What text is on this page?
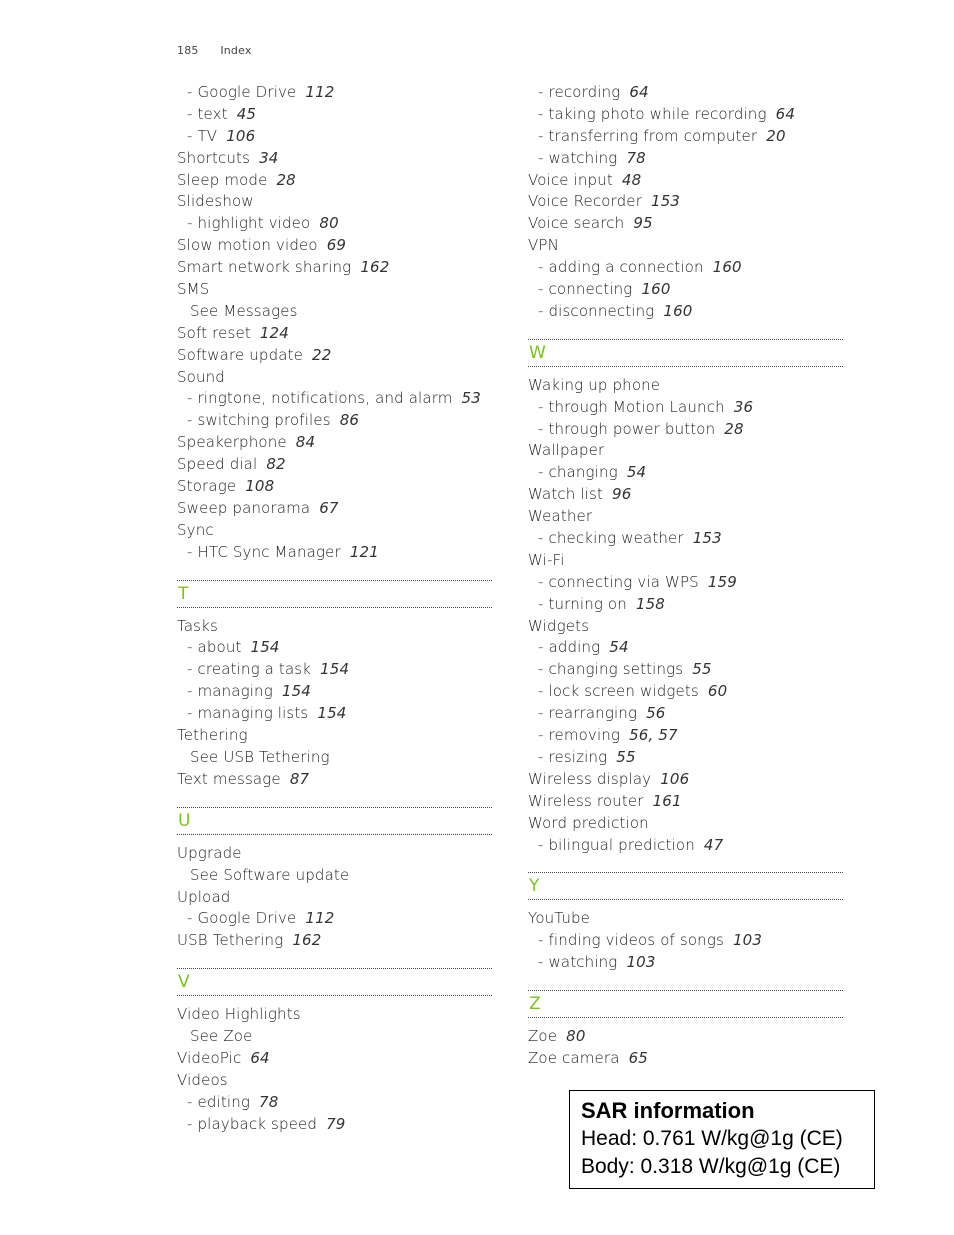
185 Index
- Google Drive 112
- text 45
- TV 106
Shortcuts 34
Sleep mode 28
Slideshow
- highlight video 80
Slow motion video 69
Smart network sharing 162
SMS
See Messages
Soft reset 124
Software update 22
Sound
- ringtone, notifications, and alarm 53
- switching profiles 86
Speakerphone 84
Speed dial 82
Storage 108
Sweep panorama 67
Sync
- HTC Sync Manager 121
T
Tasks
- about 154
- creating a task 154
- managing 154
- managing lists 154
Tethering
See USB Tethering
Text message 87
U
Upgrade
See Software update
Upload
- Google Drive 112
USB Tethering 162
V
Video Highlights
See Zoe
VideoPic 64
Videos
- editing 78
- playback speed 79
- recording 64
- taking photo while recording 64
- transferring from computer 20
- watching 78
Voice input 48
Voice Recorder 153
Voice search 95
VPN
- adding a connection 160
- connecting 160
- disconnecting 160
W
Waking up phone
- through Motion Launch 36
- through power button 28
Wallpaper
- changing 54
Watch list 96
Weather
- checking weather 153
Wi-Fi
- connecting via WPS 159
- turning on 158
Widgets
- adding 54
- changing settings 55
- lock screen widgets 60
- rearranging 56
- removing 56, 57
- resizing 55
Wireless display 106
Wireless router 161
Word prediction
- bilingual prediction 47
Y
YouTube
- finding videos of songs 103
- watching 103
Z
Zoe 80
Zoe camera 65
SAR information
Head: 0.761 W/kg@1g (CE)
Body: 0.318 W/kg@1g (CE)
